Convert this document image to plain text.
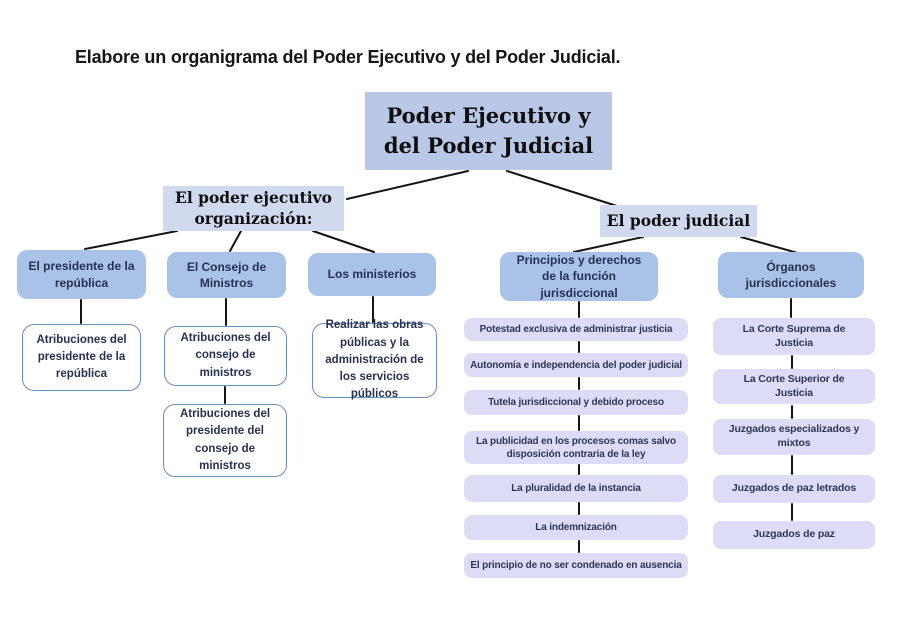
Elabore un organigrama del Poder Ejecutivo y del Poder Judicial.
Poder Ejecutivo y del Poder Judicial
El poder ejecutivo organización:	El poder judicial
El presidente de la república
El Consejo de Ministros
Los ministerios
Atribuciones del presidente de la república
Atribuciones del consejo de ministros
Atribuciones del presidente del consejo de ministros
Realizar las obras públicas y la administración de los servicios públicos
Principios y derechos de la función jurisdiccional
Órganos jurisdiccionales
Potestad exclusiva de administrar justicia
Autonomía e independencia del poder judicial
Tutela jurisdiccional y debido proceso
La publicidad en los procesos comas salvo disposición contraria de la ley
La pluralidad de la instancia
La indemnización
El principio de no ser condenado en ausencia
La Corte Suprema de Justicia
La Corte Superior de Justicia
Juzgados especializados y mixtos
Juzgados de paz letrados
Juzgados de paz
